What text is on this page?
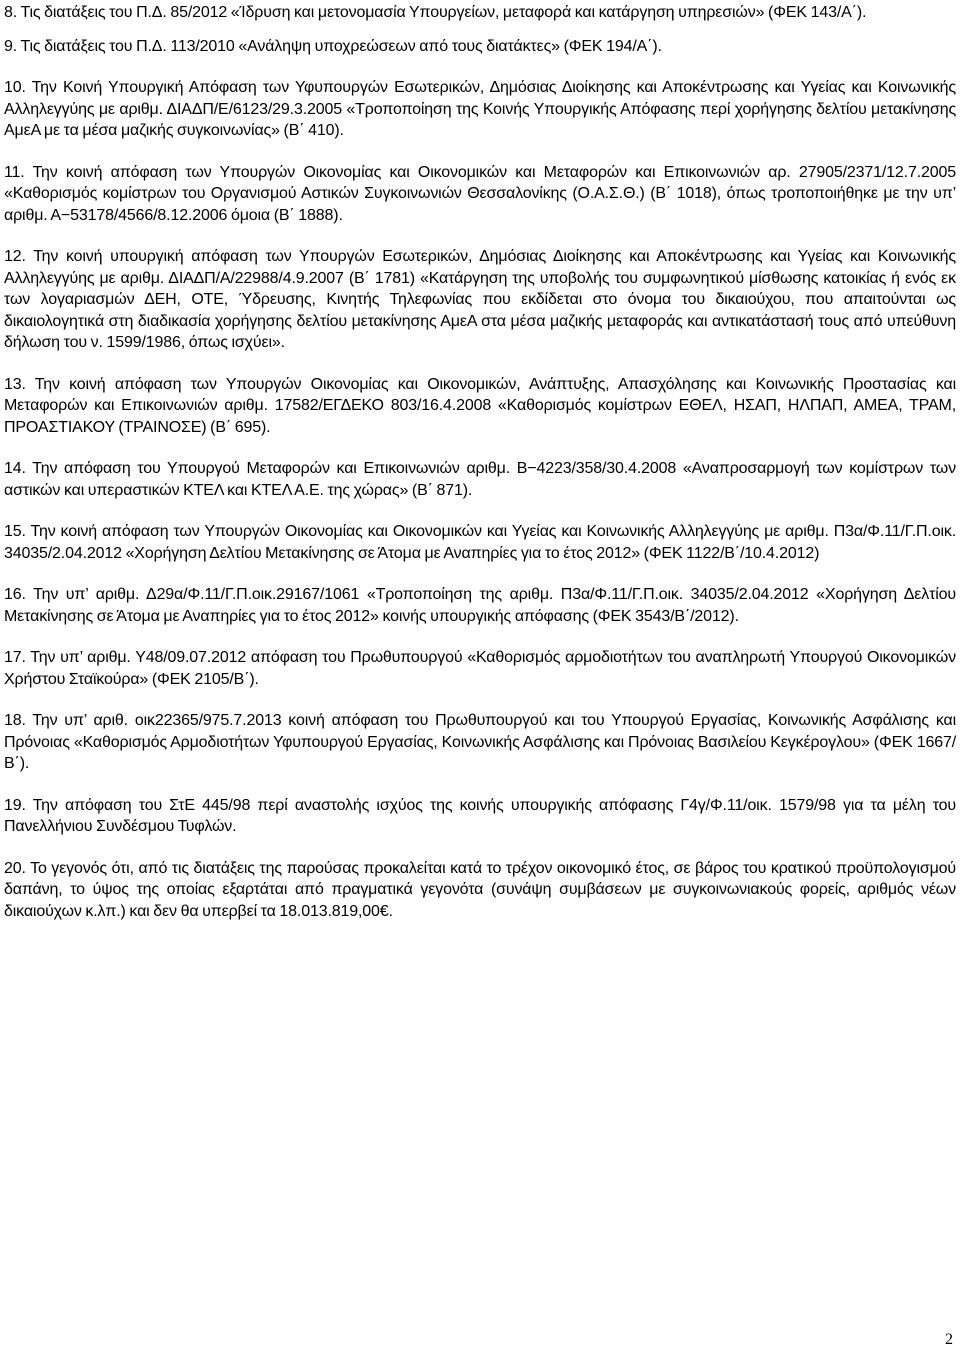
8. Τις διατάξεις του Π.Δ. 85/2012 «Ίδρυση και μετονομασία Υπουργείων, μεταφορά και κατάργηση υπηρεσιών» (ΦΕΚ 143/Α΄).

9. Τις διατάξεις του Π.Δ. 113/2010 «Ανάληψη υποχρεώσεων από τους διατάκτες» (ΦΕΚ 194/Α΄).

10. Την Κοινή Υπουργική Απόφαση των Υφυπουργών Εσωτερικών, Δημόσιας Διοίκησης και Αποκέντρωσης και Υγείας και Κοινωνικής Αλληλεγγύης με αριθμ. ΔΙΑΔΠ/Ε/6123/29.3.2005 «Τροποποίηση της Κοινής Υπουργικής Απόφασης περί χορήγησης δελτίου μετακίνησης ΑμεΑ με τα μέσα μαζικής συγκοινωνίας» (Β΄ 410).

11. Την κοινή απόφαση των Υπουργών Οικονομίας και Οικονομικών και Μεταφορών και Επικοινωνιών αρ. 27905/2371/12.7.2005 «Καθορισμός κομίστρων του Οργανισμού Αστικών Συγκοινωνιών Θεσσαλονίκης (Ο.Α.Σ.Θ.) (Β΄ 1018), όπως τροποποιήθηκε με την υπ’ αριθμ. Α−53178/4566/8.12.2006 όμοια (Β΄ 1888).

12. Την κοινή υπουργική απόφαση των Υπουργών Εσωτερικών, Δημόσιας Διοίκησης και Αποκέντρωσης και Υγείας και Κοινωνικής Αλληλεγγύης με αριθμ. ΔΙΑΔΠ/Α/22988/4.9.2007 (Β΄ 1781) «Κατάργηση της υποβολής του συμφωνητικού μίσθωσης κατοικίας ή ενός εκ των λογαριασμών ΔΕΗ, ΟΤΕ, Ύδρευσης, Κινητής Τηλεφωνίας που εκδίδεται στο όνομα του δικαιούχου, που απαιτούνται ως δικαιολογητικά στη διαδικασία χορήγησης δελτίου μετακίνησης ΑμεΑ στα μέσα μαζικής μεταφοράς και αντικατάστασή τους από υπεύθυνη δήλωση του ν. 1599/1986, όπως ισχύει».

13. Την κοινή απόφαση των Υπουργών Οικονομίας και Οικονομικών, Ανάπτυξης, Απασχόλησης και Κοινωνικής Προστασίας και Μεταφορών και Επικοινωνιών αριθμ. 17582/ΕΓΔΕΚΟ 803/16.4.2008 «Καθορισμός κομίστρων ΕΘΕΛ, ΗΣΑΠ, ΗΛΠΑΠ, ΑΜΕΑ, ΤΡΑΜ, ΠΡΟΑΣΤΙΑΚΟΥ (ΤΡΑΙΝΟΣΕ) (Β΄ 695).

14. Την απόφαση του Υπουργού Μεταφορών και Επικοινωνιών αριθμ. Β−4223/358/30.4.2008 «Αναπροσαρμογή των κομίστρων των αστικών και υπεραστικών ΚΤΕΛ και ΚΤΕΛ Α.Ε. της χώρας» (Β΄ 871).

15. Την κοινή απόφαση των Υπουργών Οικονομίας και Οικονομικών και Υγείας και Κοινωνικής Αλληλεγγύης με αριθμ. Π3α/Φ.11/Γ.Π.οικ. 34035/2.04.2012 «Χορήγηση Δελτίου Μετακίνησης σε Άτομα με Αναπηρίες για το έτος 2012» (ΦΕΚ 1122/Β΄/10.4.2012)

16. Την υπ’ αριθμ. Δ29α/Φ.11/Γ.Π.οικ.29167/1061 «Τροποποίηση της αριθμ. Π3α/Φ.11/Γ.Π.οικ. 34035/2.04.2012 «Χορήγηση Δελτίου Μετακίνησης σε Άτομα με Αναπηρίες για το έτος 2012» κοινής υπουργικής απόφασης (ΦΕΚ 3543/Β΄/2012).

17. Την υπ’ αριθμ. Υ48/09.07.2012 απόφαση του Πρωθυπουργού «Καθορισμός αρμοδιοτήτων του αναπληρωτή Υπουργού Οικονομικών Χρήστου Σταϊκούρα» (ΦΕΚ 2105/Β΄).

18. Την υπ’ αριθ. οικ22365/975.7.2013 κοινή απόφαση του Πρωθυπουργού και του Υπουργού Εργασίας, Κοινωνικής Ασφάλισης και Πρόνοιας «Καθορισμός Αρμοδιοτήτων Υφυπουργού Εργασίας, Κοινωνικής Ασφάλισης και Πρόνοιας Βασιλείου Κεγκέρογλου» (ΦΕΚ 1667/Β΄).

19. Την απόφαση του ΣτΕ 445/98 περί αναστολής ισχύος της κοινής υπουργικής απόφασης Γ4γ/Φ.11/οικ. 1579/98 για τα μέλη του Πανελλήνιου Συνδέσμου Τυφλών.

20. Το γεγονός ότι, από τις διατάξεις της παρούσας προκαλείται κατά το τρέχον οικονομικό έτος, σε βάρος του κρατικού προϋπολογισμού δαπάνη, το ύψος της οποίας εξαρτάται από πραγματικά γεγονότα (συνάψη συμβάσεων με συγκοινωνιακούς φορείς, αριθμός νέων δικαιούχων κ.λπ.) και δεν θα υπερβεί τα 18.013.819,00€.

2
